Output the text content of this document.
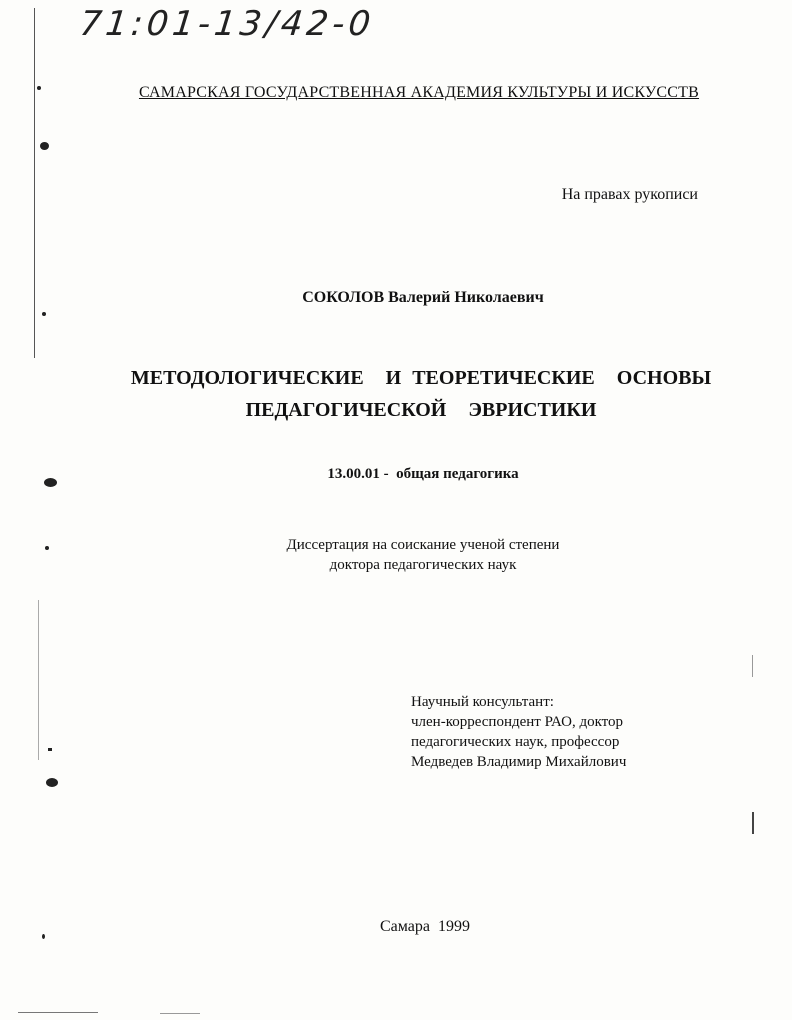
71:01-13/42-0
САМАРСКАЯ ГОСУДАРСТВЕННАЯ АКАДЕМИЯ КУЛЬТУРЫ И ИСКУССТВ
На правах рукописи
СОКОЛОВ Валерий Николаевич
МЕТОДОЛОГИЧЕСКИЕ  И ТЕОРЕТИЧЕСКИЕ  ОСНОВЫ
ПЕДАГОГИЧЕСКОЙ  ЭВРИСТИКИ
13.00.01 -  общая педагогика
Диссертация на соискание ученой степени
доктора педагогических наук
Научный консультант:
член-корреспондент РАО, доктор
педагогических наук, профессор
Медведев Владимир Михайлович
Самара  1999
